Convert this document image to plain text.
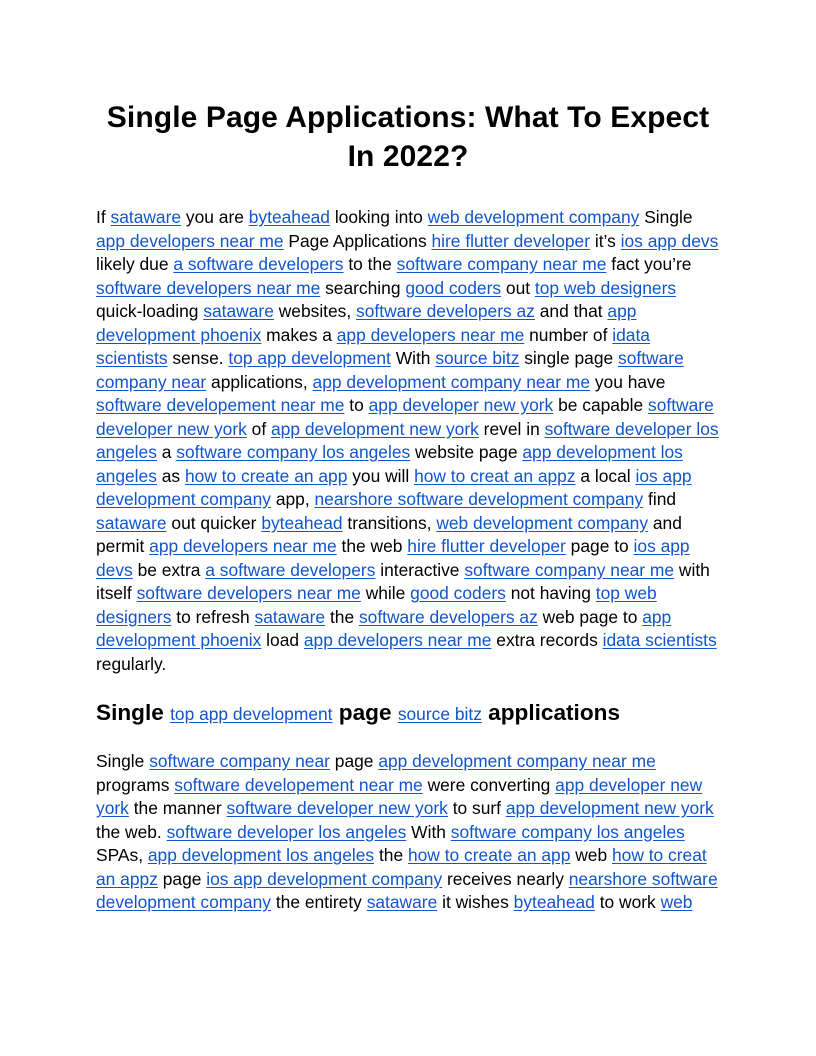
Single Page Applications: What To Expect In 2022?

If sataware you are byteahead looking into web development company Single app developers near me Page Applications hire flutter developer it’s ios app devs likely due a software developers to the software company near me fact you’re software developers near me searching good coders out top web designers quick-loading sataware websites, software developers az and that app development phoenix makes a app developers near me number of idata scientists sense. top app development With source bitz single page software company near applications, app development company near me you have software developement near me to app developer new york be capable software developer new york of app development new york revel in software developer los angeles a software company los angeles website page app development los angeles as how to create an app you will how to creat an appz a local ios app development company app, nearshore software development company find sataware out quicker byteahead transitions, web development company and permit app developers near me the web hire flutter developer page to ios app devs be extra a software developers interactive software company near me with itself software developers near me while good coders not having top web designers to refresh sataware the software developers az web page to app development phoenix load app developers near me extra records idata scientists regularly.

Single top app development page source bitz applications

Single software company near page app development company near me programs software developement near me were converting app developer new york the manner software developer new york to surf app development new york the web. software developer los angeles With software company los angeles SPAs, app development los angeles the how to create an app web how to creat an appz page ios app development company receives nearly nearshore software development company the entirety sataware it wishes byteahead to work web
